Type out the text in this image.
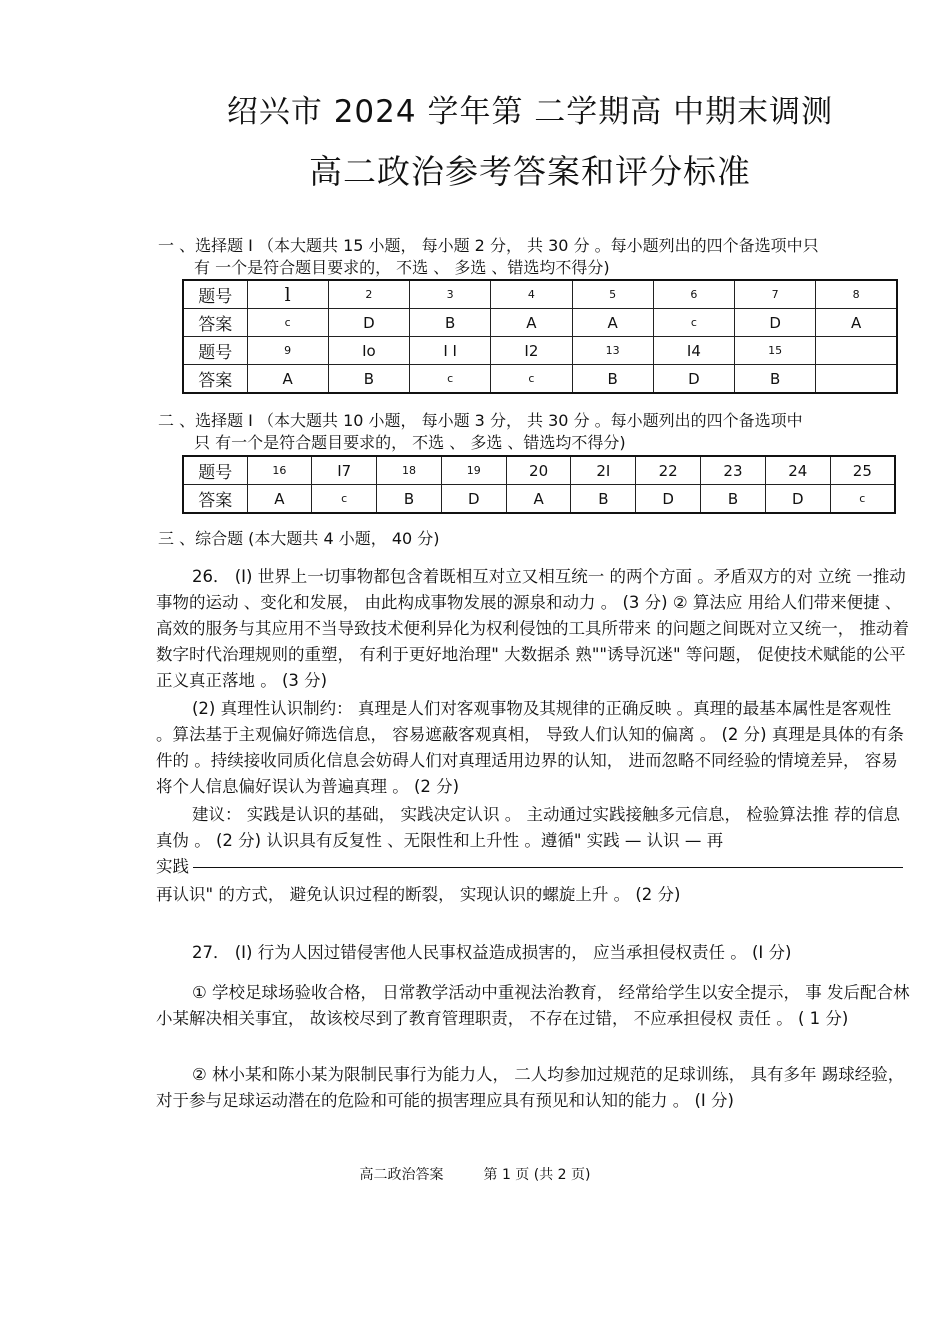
绍兴市 2024 学年第 二学期高 中期末调测
高二政治参考答案和评分标准
一 、选择题 I （本大题共 15 小题， 每小题 2 分， 共 30 分 。每小题列出的四个备选项中只
有 一个是符合题目要求的， 不选 、 多选 、错选均不得分)
题号	l	2	3	4	5	6	7	8
答案	c	D	B	A	A	c	D	A
题号	9	Io	I I	I2	13	I4	15	
答案	A	B	c	c	B	D	B	
二 、选择题 I （本大题共 10 小题， 每小题 3 分， 共 30 分 。每小题列出的四个备选项中
只 有一个是符合题目要求的， 不选 、 多选 、错选均不得分)
题号	16	I7	18	19	20	2I	22	23	24	25
答案	A	c	B	D	A	B	D	B	D	c
三 、综合题 (本大题共 4 小题， 40 分)
26． (I) 世界上一切事物都包含着既相互对立又相互统一 的两个方面 。矛盾双方的对 立统 一推动事物的运动 、变化和发展， 由此构成事物发展的源泉和动力 。 (3 分) ② 算法应 用给人们带来便捷 、高效的服务与其应用不当导致技术便利异化为权利侵蚀的工具所带来 的问题之间既对立又统一， 推动着数字时代治理规则的重塑， 有利于更好地治理" 大数据杀 熟""诱导沉迷" 等问题， 促使技术赋能的公平正义真正落地 。 (3 分)
(2) 真理性认识制约： 真理是人们对客观事物及其规律的正确反映 。真理的最基本属性是客观性 。算法基于主观偏好筛选信息， 容易遮蔽客观真相， 导致人们认知的偏离 。 (2 分) 真理是具体的有条件的 。持续接收同质化信息会妨碍人们对真理适用边界的认知， 进而忽略不同经验的情境差异， 容易将个人信息偏好误认为普遍真理 。 (2 分)
建议： 实践是认识的基础， 实践决定认识 。 主动通过实践接触多元信息， 检验算法推 荐的信息真伪 。 (2 分) 认识具有反复性 、无限性和上升性 。遵循" 实践 — 认识 — 再
实践
再认识" 的方式， 避免认识过程的断裂， 实现认识的螺旋上升 。 (2 分)
27． (I) 行为人因过错侵害他人民事权益造成损害的， 应当承担侵权责任 。 (I 分)
① 学校足球场验收合格， 日常教学活动中重视法治教育， 经常给学生以安全提示， 事 发后配合林小某解决相关事宜， 故该校尽到了教育管理职责， 不存在过错， 不应承担侵权 责任 。 ( 1 分)
② 林小某和陈小某为限制民事行为能力人， 二人均参加过规范的足球训练， 具有多年 踢球经验，对于参与足球运动潜在的危险和可能的损害理应具有预见和认知的能力 。 (I 分)
高二政治答案	第 1 页 (共 2 页)
